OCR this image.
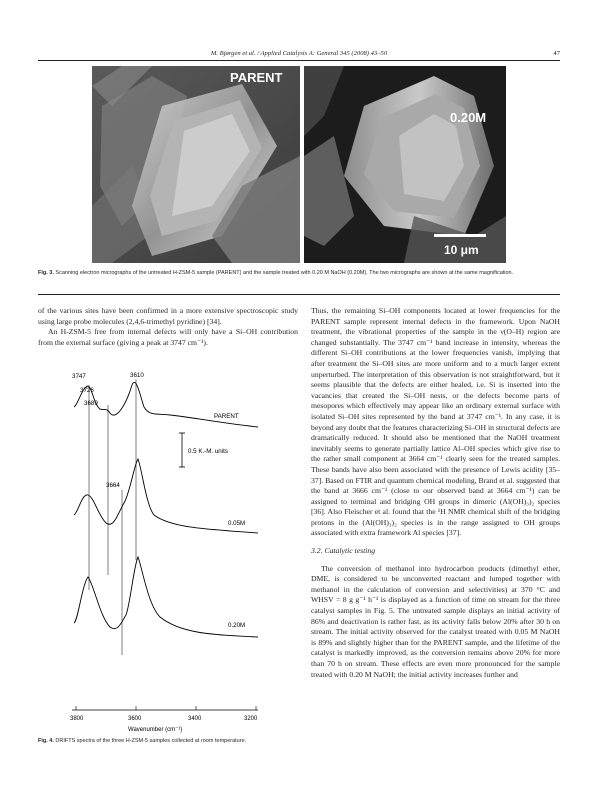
M. Bjørgen et al. / Applied Catalysis A: General 345 (2008) 43–50	47
PARENT
0.20M
10 μm
Fig. 3. Scanning electron micrographs of the untreated H-ZSM-5 sample (PARENT) and the sample treated with 0.20 M NaOH (0.20M). The two micrographs are shown at the same magnification.

of the various sites have been confirmed in a more extensive spectroscopic study using large probe molecules (2,4,6-trimethyl pyridine) [34].

An H-ZSM-5 free from internal defects will only have a Si–OH contribution from the external surface (giving a peak at 3747 cm⁻¹).

3800	3600	3400	3200
Wavenumber (cm⁻¹)
3747
3726
3689
3610
3664
PARENT
0.05M
0.20M
0.5 K.-M. units
Fig. 4. DRIFTS spectra of the three H-ZSM-5 samples collected at room temperature.

Thus, the remaining Si–OH components located at lower frequencies for the PARENT sample represent internal defects in the framework. Upon NaOH treatment, the vibrational properties of the sample in the ν(O–H) region are changed substantially. The 3747 cm⁻¹ band increase in intensity, whereas the different Si–OH contributions at the lower frequencies vanish, implying that after treatment the Si–OH sites are more uniform and to a much larger extent unperturbed. The interpretation of this observation is not straightforward, but it seems plausible that the defects are either healed, i.e. Si is inserted into the vacancies that created the Si–OH nests, or the defects become parts of mesopores which effectively may appear like an ordinary external surface with isolated Si–OH sites represented by the band at 3747 cm⁻¹. In any case, it is beyond any doubt that the features characterizing Si–OH in structural defects are dramatically reduced. It should also be mentioned that the NaOH treatment inevitably seems to generate partially lattice Al–OH species which give rise to the rather small component at 3664 cm⁻¹ clearly seen for the treated samples. These bands have also been associated with the presence of Lewis acidity [35–37]. Based on FTIR and quantum chemical modeling, Brand et al. suggested that the band at 3666 cm⁻¹ (close to our observed band at 3664 cm⁻¹) can be assigned to terminal and bridging OH groups in dimeric (Al(OH)₃)₂ species [36]. Also Fleischer et al. found that the ¹H NMR chemical shift of the bridging protons in the (Al(OH)₃)₂ species is in the range assigned to OH groups associated with extra framework Al species [37].

3.2. Catalytic testing

The conversion of methanol into hydrocarbon products (dimethyl ether, DME, is considered to be unconverted reactant and lumped together with methanol in the calculation of conversion and selectivities) at 370 °C and WHSV = 8 g g⁻¹ h⁻¹ is displayed as a function of time on stream for the three catalyst samples in Fig. 5. The untreated sample displays an initial activity of 86% and deactivation is rather fast, as its activity falls below 20% after 30 h on stream. The initial activity observed for the catalyst treated with 0.05 M NaOH is 89% and slightly higher than for the PARENT sample, and the lifetime of the catalyst is markedly improved, as the conversion remains above 20% for more than 70 h on stream. These effects are even more pronounced for the sample treated with 0.20 M NaOH; the initial activity increases further and
